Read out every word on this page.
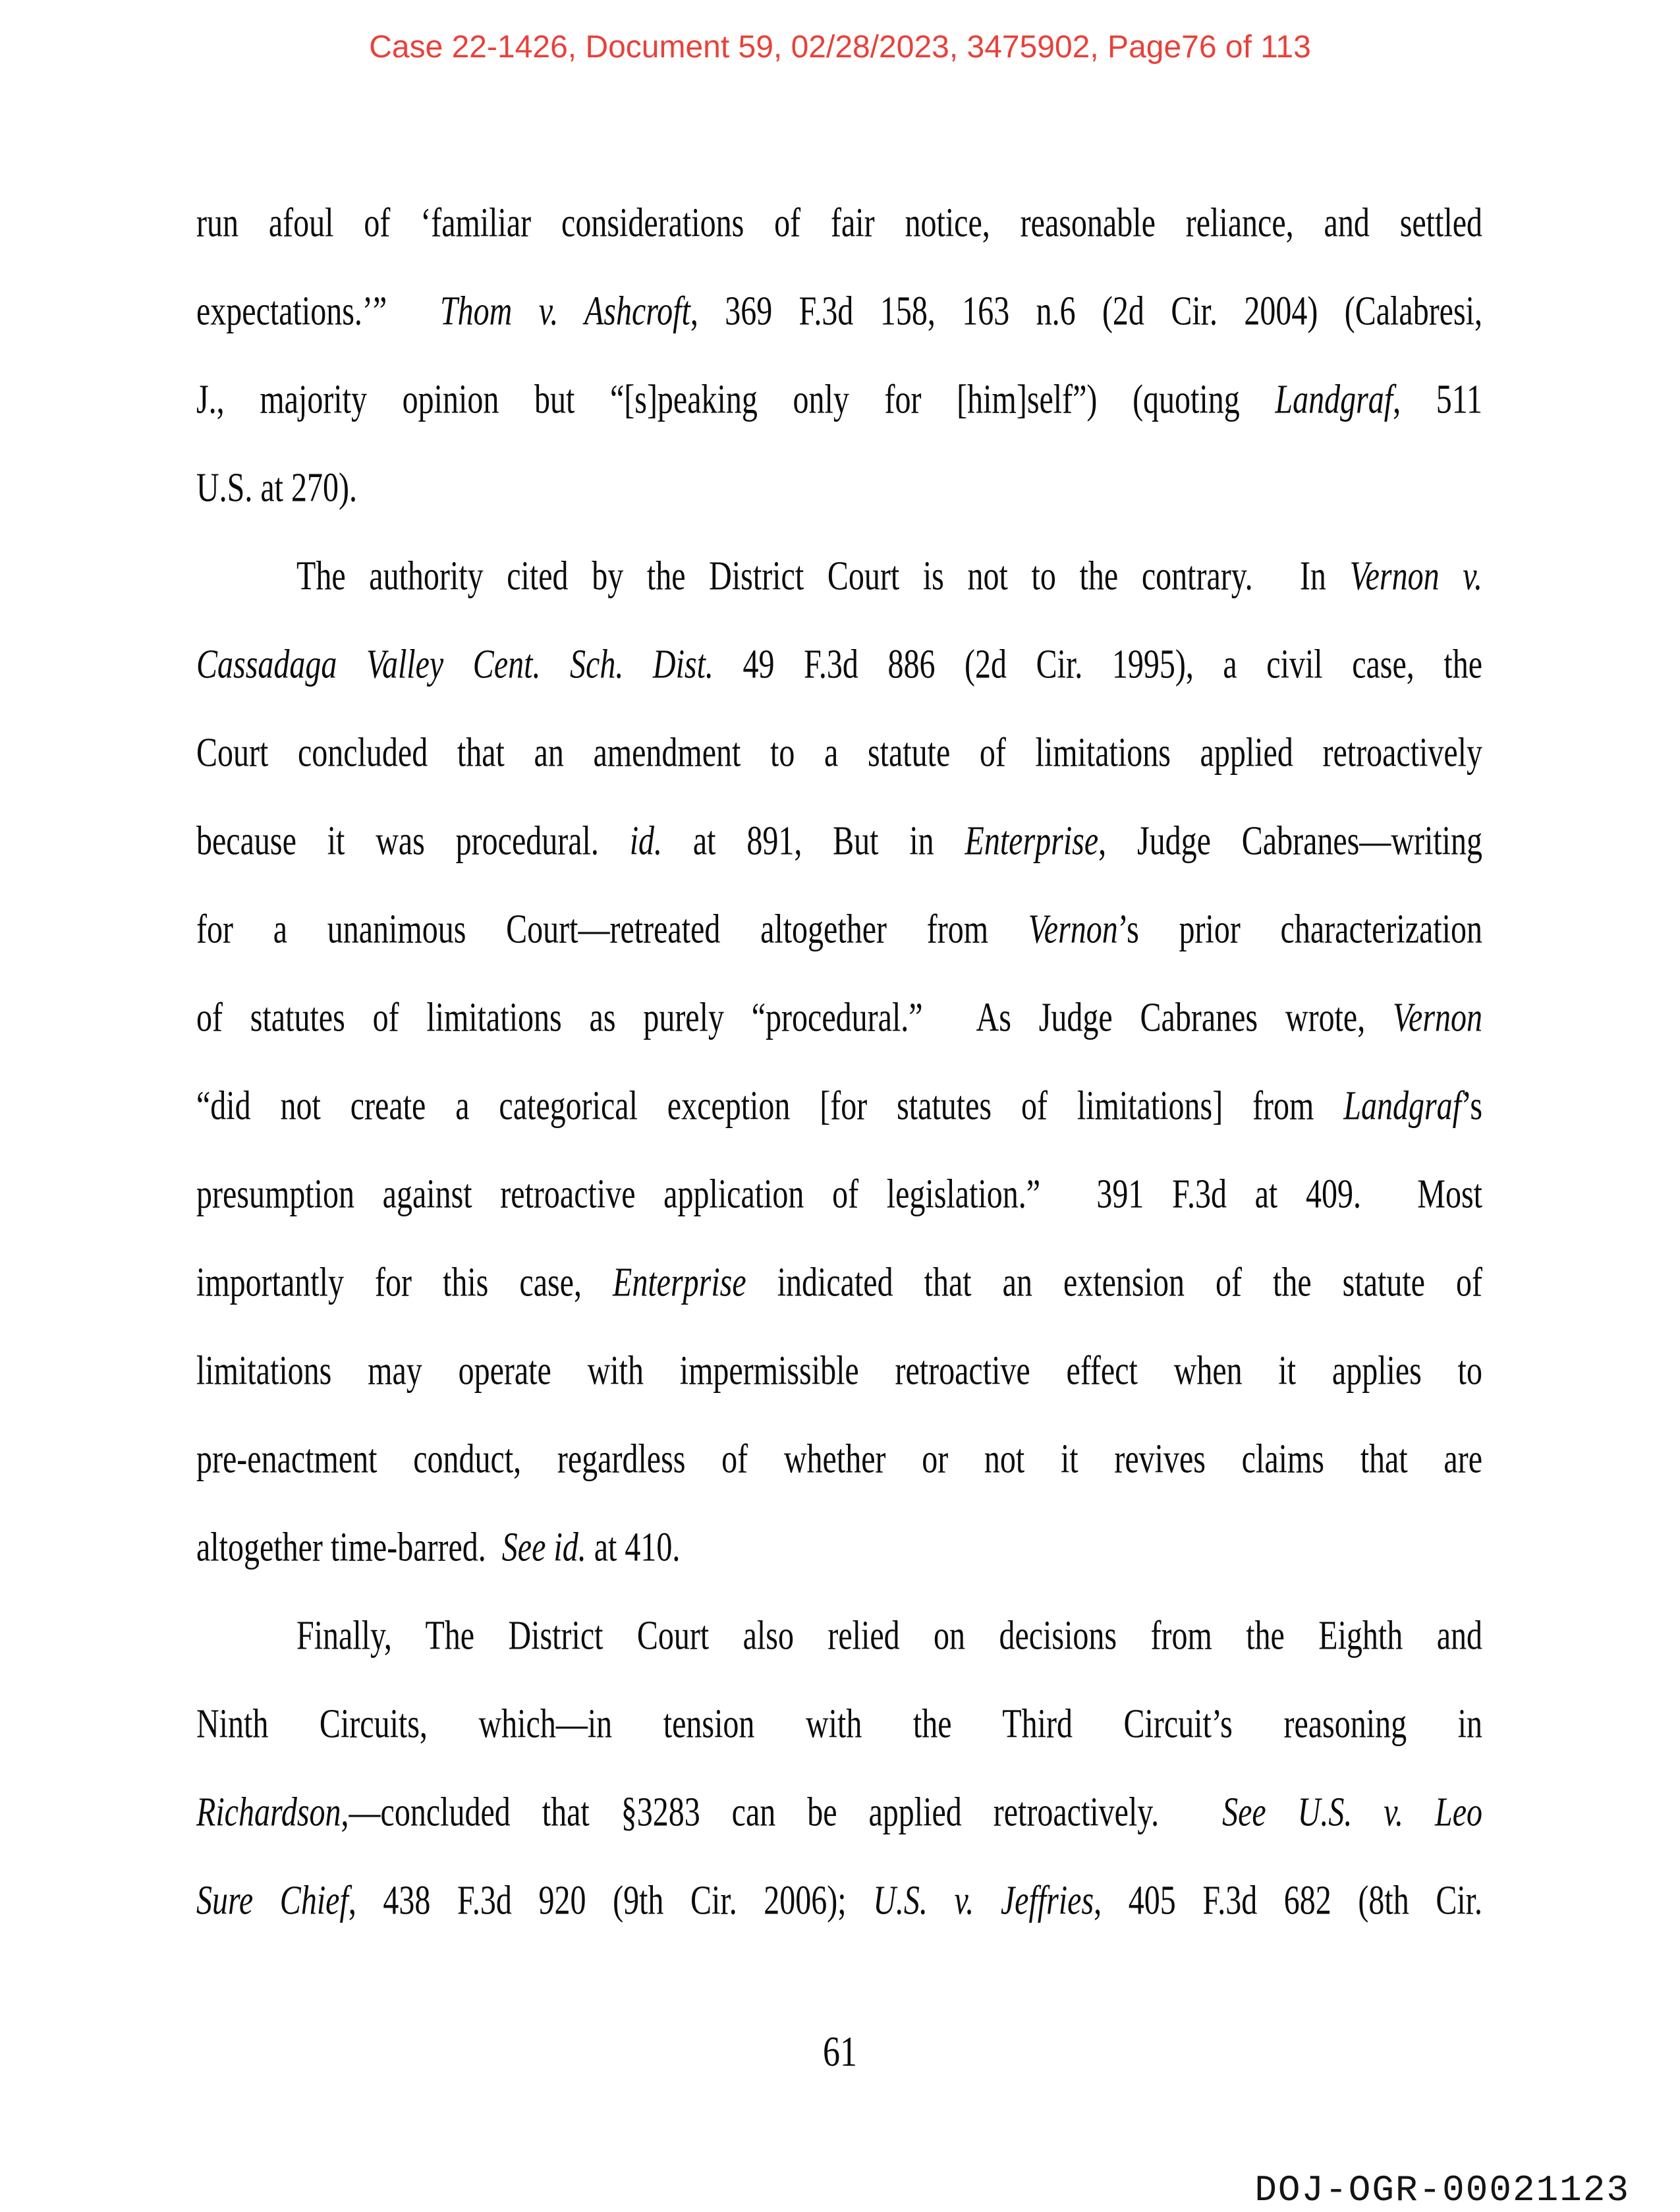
Case 22-1426, Document 59, 02/28/2023, 3475902, Page76 of 113
run afoul of ‘familiar considerations of fair notice, reasonable reliance, and settled
expectations.’”  Thom v. Ashcroft, 369 F.3d 158, 163 n.6 (2d Cir. 2004) (Calabresi,
J., majority opinion but “[s]peaking only for [him]self”) (quoting Landgraf, 511
U.S. at 270).
The authority cited by the District Court is not to the contrary.  In Vernon v.
Cassadaga Valley Cent. Sch. Dist. 49 F.3d 886 (2d Cir. 1995), a civil case, the
Court concluded that an amendment to a statute of limitations applied retroactively
because it was procedural. id. at 891, But in Enterprise, Judge Cabranes—writing
for a unanimous Court—retreated altogether from Vernon’s prior characterization
of statutes of limitations as purely “procedural.”  As Judge Cabranes wrote, Vernon
“did not create a categorical exception [for statutes of limitations] from Landgraf’s
presumption against retroactive application of legislation.”  391 F.3d at 409.  Most
importantly for this case, Enterprise indicated that an extension of the statute of
limitations may operate with impermissible retroactive effect when it applies to
pre-enactment conduct, regardless of whether or not it revives claims that are
altogether time-barred.  See id. at 410.
Finally, The District Court also relied on decisions from the Eighth and
Ninth Circuits, which—in tension with the Third Circuit’s reasoning in
Richardson,—concluded that §3283 can be applied retroactively.  See U.S. v. Leo
Sure Chief, 438 F.3d 920 (9th Cir. 2006); U.S. v. Jeffries, 405 F.3d 682 (8th Cir.
61
DOJ-OGR-00021123
